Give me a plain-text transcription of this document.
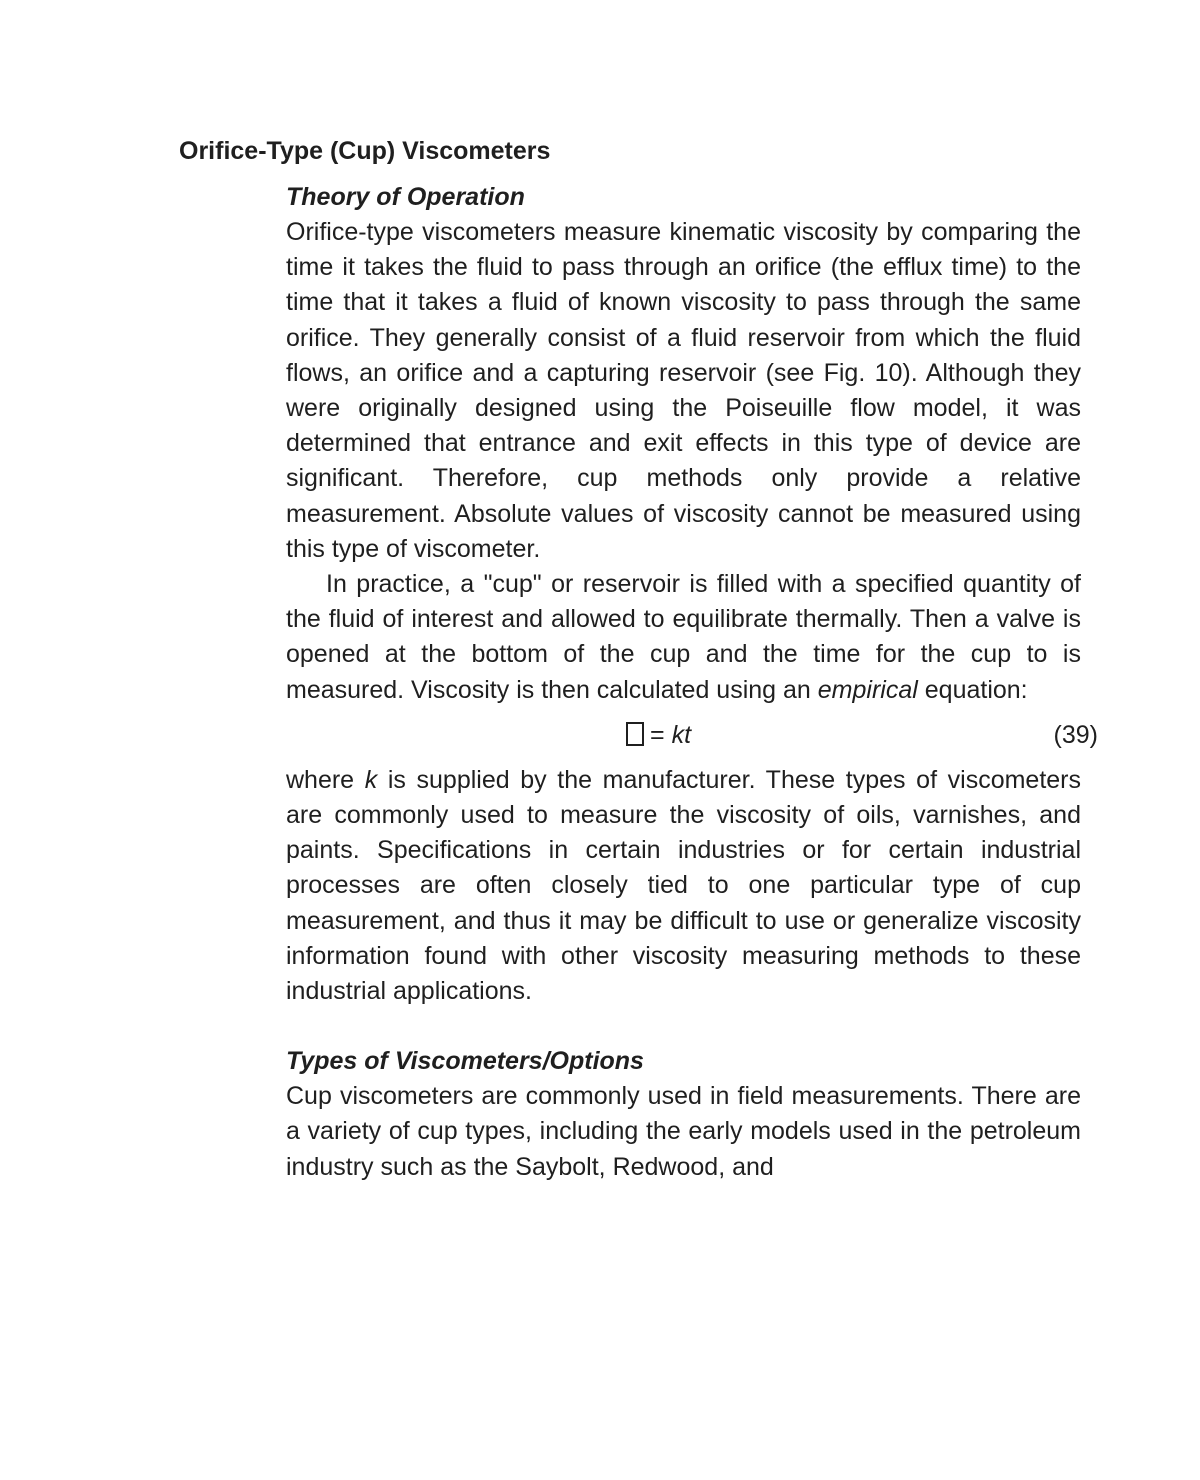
Orifice-Type (Cup) Viscometers
Theory of Operation

Orifice-type viscometers measure kinematic viscosity by comparing the time it takes the fluid to pass through an orifice (the efflux time) to the time that it takes a fluid of known viscosity to pass through the same orifice. They generally consist of a fluid reservoir from which the fluid flows, an orifice and a capturing reservoir (see Fig. 10). Although they were originally designed using the Poiseuille flow model, it was determined that entrance and exit effects in this type of device are significant. Therefore, cup methods only provide a relative measurement. Absolute values of viscosity cannot be measured using this type of viscometer.

In practice, a "cup" or reservoir is filled with a specified quantity of the fluid of interest and allowed to equilibrate thermally. Then a valve is opened at the bottom of the cup and the time for the cup to is measured. Viscosity is then calculated using an empirical equation:

= kt	(39)

where k is supplied by the manufacturer. These types of viscometers are commonly used to measure the viscosity of oils, varnishes, and paints. Specifications in certain industries or for certain industrial processes are often closely tied to one particular type of cup measurement, and thus it may be difficult to use or generalize viscosity information found with other viscosity measuring methods to these industrial applications.

Types of Viscometers/Options

Cup viscometers are commonly used in field measurements. There are a variety of cup types, including the early models used in the petroleum industry such as the Saybolt, Redwood, and
